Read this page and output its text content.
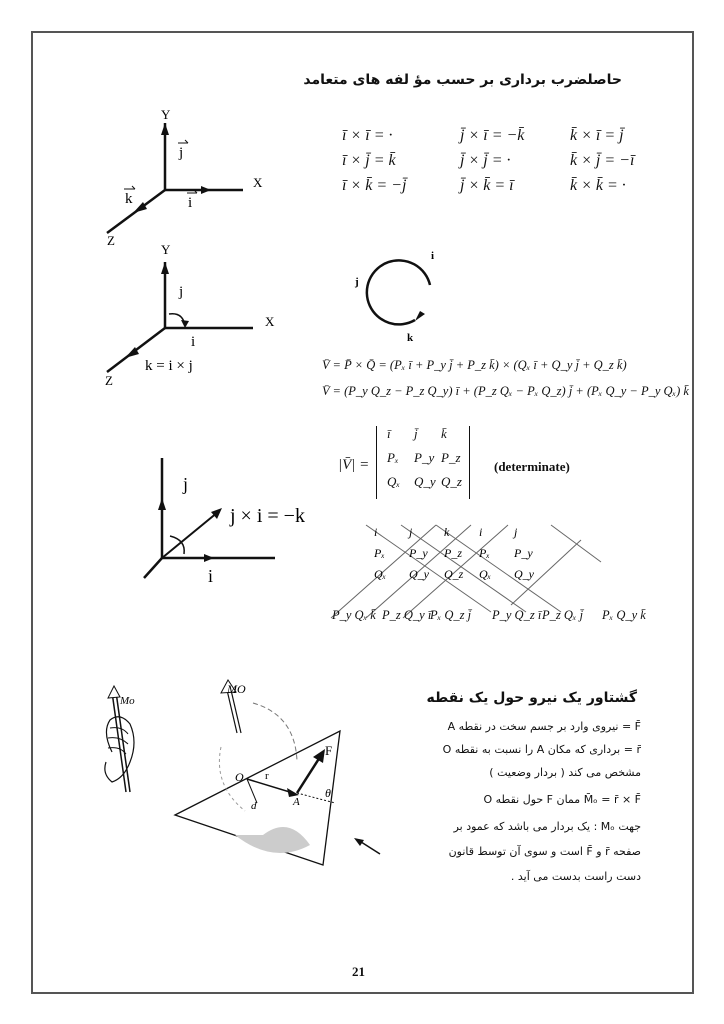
حاصلضرب برداری بر حسب مؤ لفه های متعامد
Y
X
Z
j
i
k
ī × ī = ·	j̄ × ī = −k̄	k̄ × ī = j̄
ī × j̄ = k̄	j̄ × j̄ = ·	k̄ × j̄ = −ī
ī × k̄ = −j̄	j̄ × k̄ = ī	k̄ × k̄ = ·
Y
X
Z
j
i
k = i × j
i
j
k
V̄ = P̄ × Q̄ = (Pₓ ī + P_y j̄ + P_z k̄) × (Qₓ ī + Q_y j̄ + Q_z k̄)
V̄ = (P_y Q_z − P_z Q_y) ī + (P_z Qₓ − Pₓ Q_z) j̄ + (Pₓ Q_y − P_y Qₓ) k̄
|V̄| =
ī	j̄	k̄
Pₓ	P_y P_z
Qₓ	Q_y Q_z
(determinate)
j
i
j × i = −k
i	j	k i	j
Pₓ P_y P_z Pₓ P_y
Qₓ Q_y Q_z Qₓ Q_y
P_y Qₓ k̄ P_z Q_y ī
Pₓ Q_z j̄ P_y Q_z ī P_z Qₓ j̄ Pₓ Q_y k̄
Mo
MO
F
O r
A
d
θ
گشتاور یک نیرو حول یک نقطه
F̄ = نیروی وارد بر جسم سخت در نقطه A
r̄ = برداری که مکان A را نسبت به نقطه O
مشخص می کند ( بردار وضعیت )
M̄ₒ = r̄ × F̄ ممان F حول نقطه O
جهت Mₒ : یک بردار می باشد که عمود بر
صفحه r̄ و F̄ است و سوی آن توسط قانون
دست راست بدست می آید .
21
